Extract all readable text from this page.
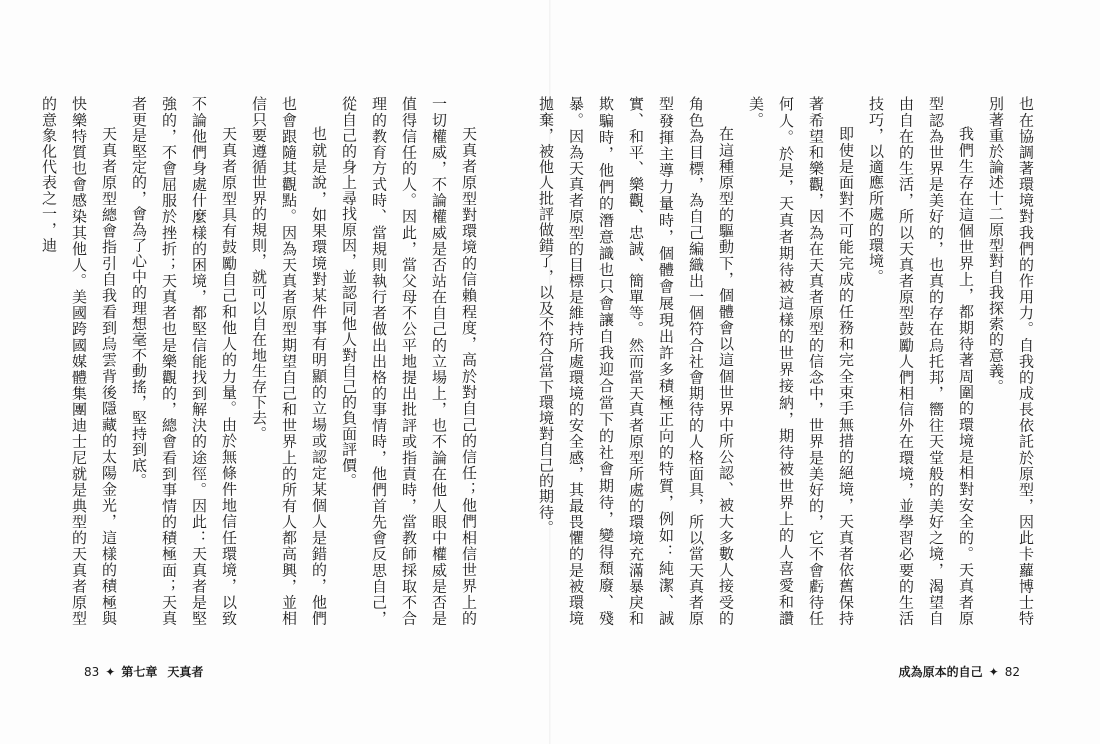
天真者原型對環境的信賴程度，高於對自己的信任；他們相信世界上的一切權威，不論權威是否站在自己的立場上，也不論在他人眼中權威是否是值得信任的人。因此，當父母不公平地提出批評或指責時，當教師採取不合理的教育方式時、當規則執行者做出出格的事情時，他們首先會反思自己，從自己的身上尋找原因，並認同他人對自己的負面評價。

也就是說，如果環境對某件事有明顯的立場或認定某個人是錯的，他們也會跟隨其觀點。因為天真者原型期望自己和世界上的所有人都高興，並相信只要遵循世界的規則，就可以自在地生存下去。

天真者原型具有鼓勵自己和他人的力量。由於無條件地信任環境，以致不論他們身處什麼樣的困境，都堅信能找到解決的途徑。因此：天真者是堅強的，不會屈服於挫折；天真者也是樂觀的，總會看到事情的積極面；天真者更是堅定的，會為了心中的理想毫不動搖，堅持到底。

天真者原型總會指引自我看到烏雲背後隱藏的太陽金光，這樣的積極與快樂特質也會感染其他人。美國跨國媒體集團迪士尼就是典型的天真者原型的意象化代表之一，迪

83 ✦ 第七章 天真者

也在協調著環境對我們的作用力。自我的成長依託於原型，因此卡蘿博士特別著重於論述十二原型對自我探索的意義。

我們生存在這個世界上，都期待著周圍的環境是相對安全的。天真者原型認為世界是美好的，也真的存在烏托邦，嚮往天堂般的美好之境，渴望自由自在的生活，所以天真者原型鼓勵人們相信外在環境，並學習必要的生活技巧，以適應所處的環境。

即使是面對不可能完成的任務和完全束手無措的絕境，天真者依舊保持著希望和樂觀，因為在天真者原型的信念中，世界是美好的，它不會虧待任何人。於是，天真者期待被這樣的世界接納，期待被世界上的人喜愛和讚美。

在這種原型的驅動下，個體會以這個世界中所公認、被大多數人接受的角色為目標，為自己編織出一個符合社會期待的人格面具，所以當天真者原型發揮主導力量時，個體會展現出許多積極正向的特質，例如：純潔、誠實、和平、樂觀、忠誠、簡單等。然而當天真者原型所處的環境充滿暴戾和欺騙時，他們的潛意識也只會讓自我迎合當下的社會期待，變得頹廢、殘暴。因為天真者原型的目標是維持所處環境的安全感，其最畏懼的是被環境拋棄，被他人批評做錯了，以及不符合當下環境對自己的期待。

成為原本的自己 ✦ 82
